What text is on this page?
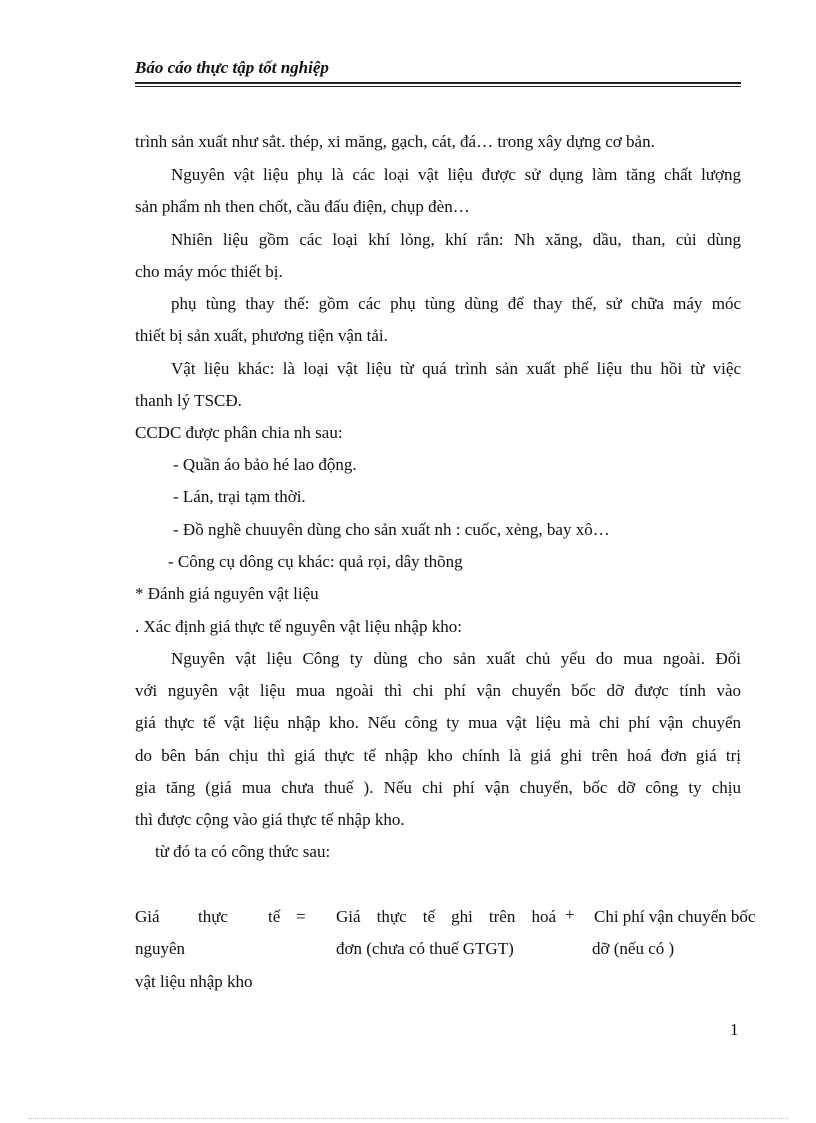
Báo cáo thực tập tốt nghiệp
trình sản xuất như sắt. thép, xi măng, gạch, cát, đá… trong xây dựng cơ bản.
Nguyên vật liệu phụ là các loại vật liệu được sử dụng làm tăng chất lượng
sản phẩm nh then chốt, cầu đấu điện, chụp đèn…
Nhiên liệu gồm các loại khí lỏng, khí rắn: Nh xăng, dầu, than, củi dùng
cho máy móc thiết bị.
phụ tùng thay thế: gồm các phụ tùng dùng để thay thế, sử chữa máy móc
thiết bị sản xuất, phương tiện vận tải.
Vật liệu khác: là loại vật liệu từ quá trình sản xuất phế liệu thu hồi từ việc
thanh lý TSCĐ.
CCDC được phân chia nh sau:
- Quần áo bảo hé lao động.
- Lán, trại tạm thời.
- Đồ nghề chuuyên dùng cho sản xuất nh : cuốc, xẻng, bay xô…
- Công cụ dông cụ khác: quả rọi, dây thõng
* Đánh giá nguyên vật liệu
. Xác định giá thực tế nguyên vật liệu nhập kho:
Nguyên vật liệu Công ty dùng cho sản xuất chủ yếu do mua ngoài. Đối
với nguyên vật liệu mua ngoài thì chi phí vận chuyển bốc dỡ được tính vào
giá thực tế vật liệu nhập kho. Nếu công ty mua vật liệu mà chi phí vận chuyển
do bên bán chịu thì giá thực tế nhập kho chính là giá ghi trên hoá đơn giá trị
gia tăng (giá mua chưa thuế ). Nếu chi phí vận chuyển, bốc dỡ công ty chịu
thì được cộng vào giá thực tế nhập kho.
từ đó ta có công thức sau:
Giá thực tế =
nguyên
vật liệu nhập kho
Giá thực tế ghi trên hoá
đơn (chưa có thuế GTGT)
+ Chi phí vận chuyển bốc
dỡ (nếu có )
1
